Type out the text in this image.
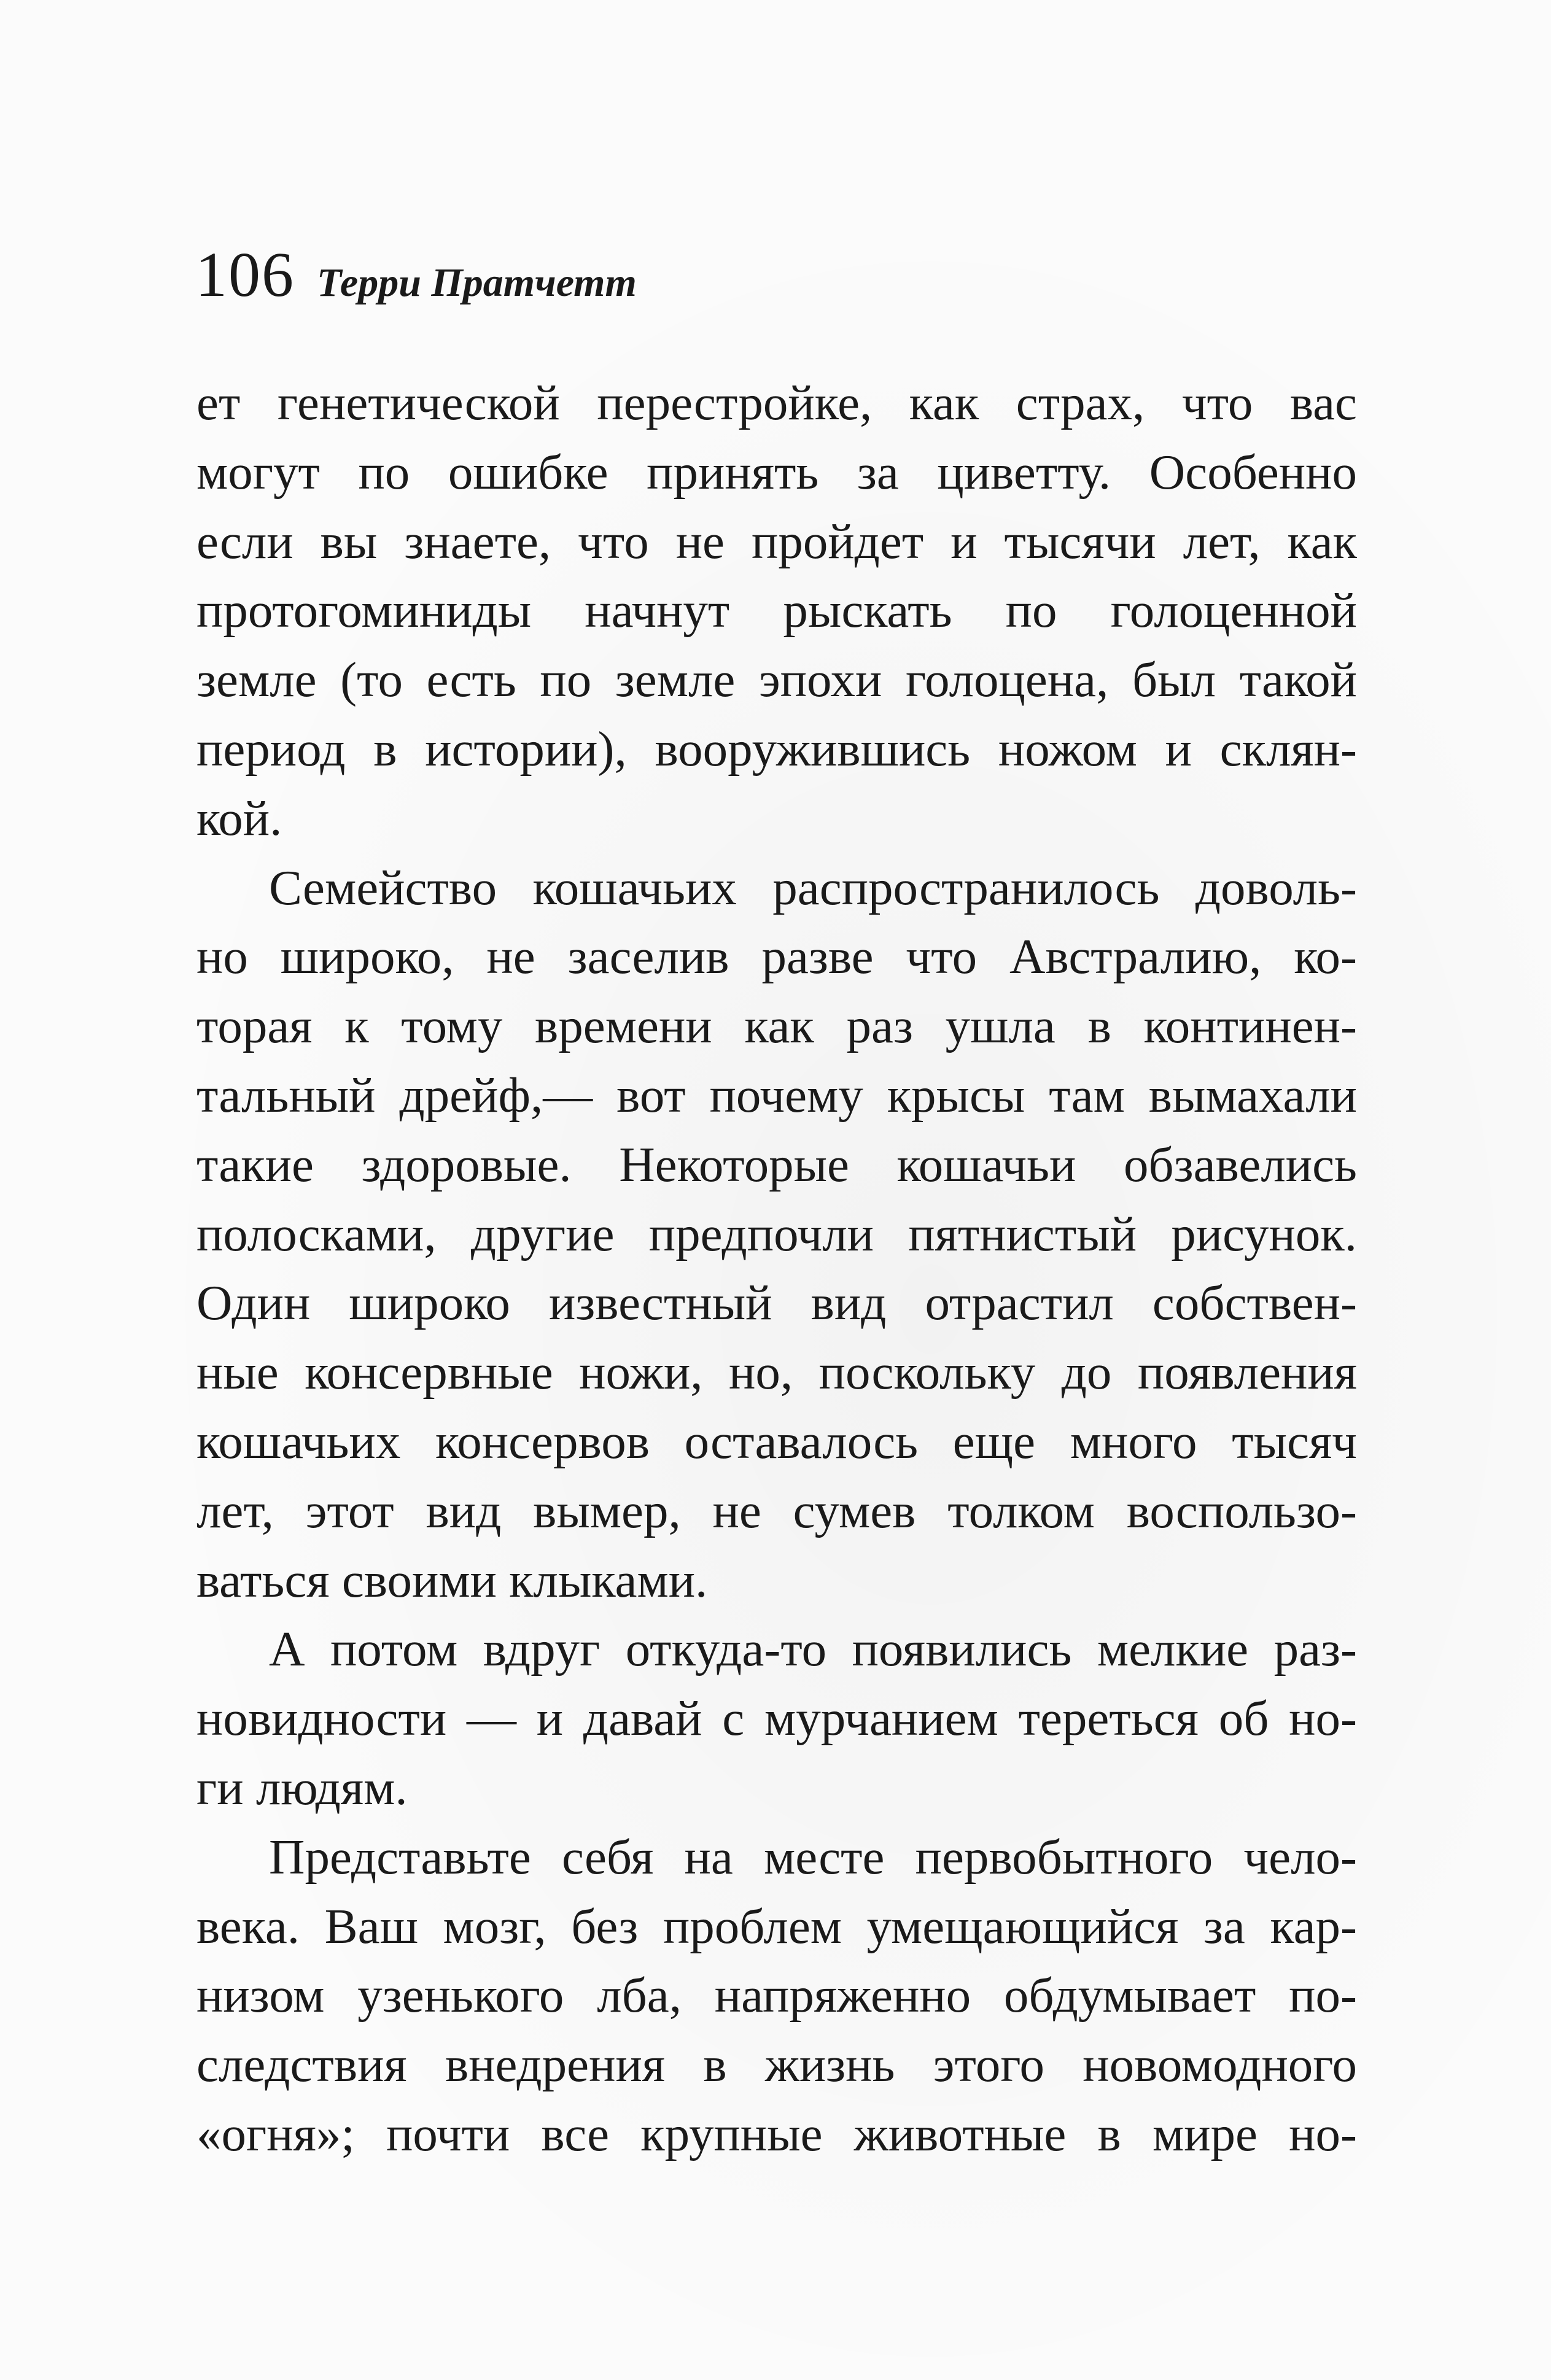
106 Терри Пратчетт
ет генетической перестройке, как страх, что вас
могут по ошибке принять за циветту. Особенно
если вы знаете, что не пройдет и тысячи лет, как
протогоминиды начнут рыскать по голоценной
земле (то есть по земле эпохи голоцена, был такой
период в истории), вооружившись ножом и склян-
кой.
Семейство кошачьих распространилось доволь-
но широко, не заселив разве что Австралию, ко-
торая к тому времени как раз ушла в континен-
тальный дрейф,— вот почему крысы там вымахали
такие здоровые. Некоторые кошачьи обзавелись
полосками, другие предпочли пятнистый рисунок.
Один широко известный вид отрастил собствен-
ные консервные ножи, но, поскольку до появления
кошачьих консервов оставалось еще много тысяч
лет, этот вид вымер, не сумев толком воспользо-
ваться своими клыками.
А потом вдруг откуда-то появились мелкие раз-
новидности — и давай с мурчанием тереться об но-
ги людям.
Представьте себя на месте первобытного чело-
века. Ваш мозг, без проблем умещающийся за кар-
низом узенького лба, напряженно обдумывает по-
следствия внедрения в жизнь этого новомодного
«огня»; почти все крупные животные в мире но-
